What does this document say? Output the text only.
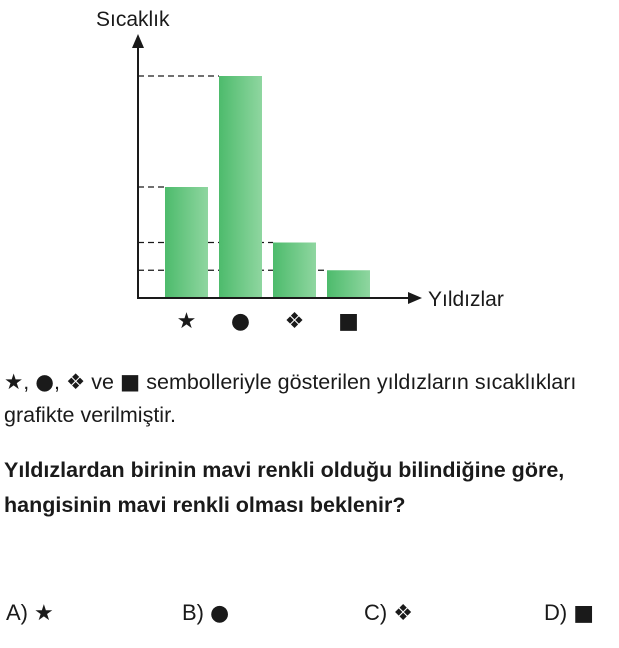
Sıcaklık
Yıldızlar
★ ● ❖ ■

★, ●, ❖ ve ■ sembolleriyle gösterilen yıldızların sıcaklıkları grafikte verilmiştir.

Yıldızlardan birinin mavi renkli olduğu bilindiğine göre, hangisinin mavi renkli olması beklenir?

A) ★	B) ●	C) ❖	D) ■
